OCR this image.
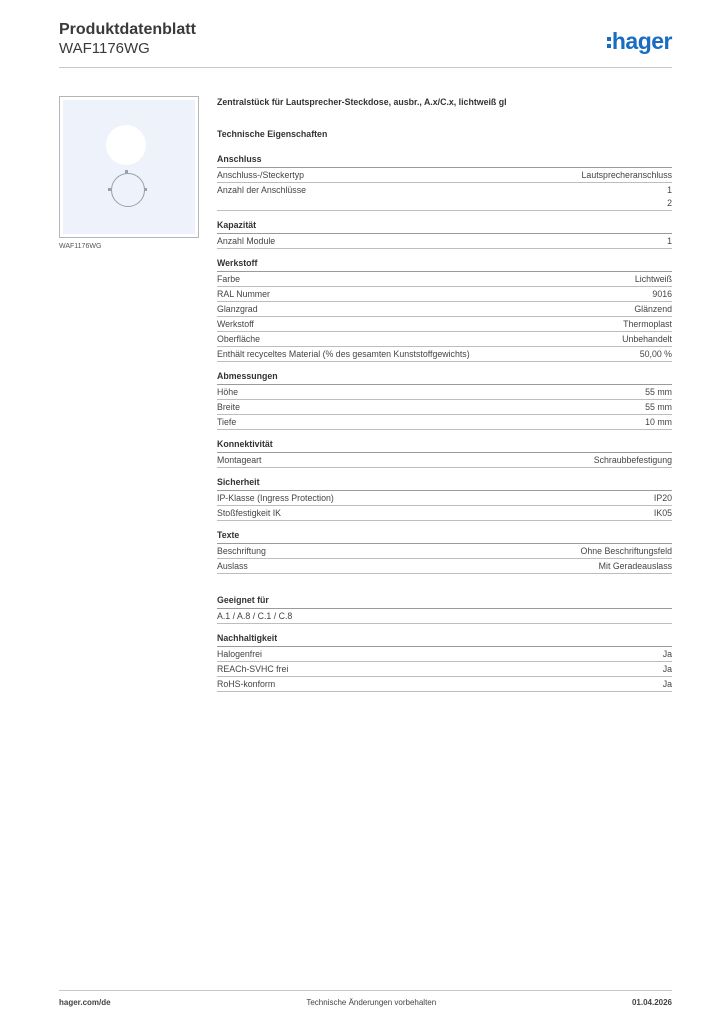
Produktdatenblatt
WAF1176WG	hager
WAF1176WG
Zentralstück für Lautsprecher-Steckdose, ausbr., A.x/C.x, lichtweiß gl
Technische Eigenschaften
Anschluss
Anschluss-/Steckertyp	Lautsprecheranschluss
Anzahl der Anschlüsse	1
2
Kapazität
Anzahl Module	1
Werkstoff
Farbe	Lichtweiß
RAL Nummer	9016
Glanzgrad	Glänzend
Werkstoff	Thermoplast
Oberfläche	Unbehandelt
Enthält recyceltes Material (% des gesamten Kunststoffgewichts)	50,00 %
Abmessungen
Höhe	55 mm
Breite	55 mm
Tiefe	10 mm
Konnektivität
Montageart	Schraubbefestigung
Sicherheit
IP-Klasse (Ingress Protection)	IP20
Stoßfestigkeit IK	IK05
Texte
Beschriftung	Ohne Beschriftungsfeld
Auslass	Mit Geradeauslass
Geeignet für
A.1 / A.8 / C.1 / C.8
Nachhaltigkeit
Halogenfrei	Ja
REACh-SVHC frei	Ja
RoHS-konform	Ja
hager.com/de	Technische Änderungen vorbehalten	01.04.2026
